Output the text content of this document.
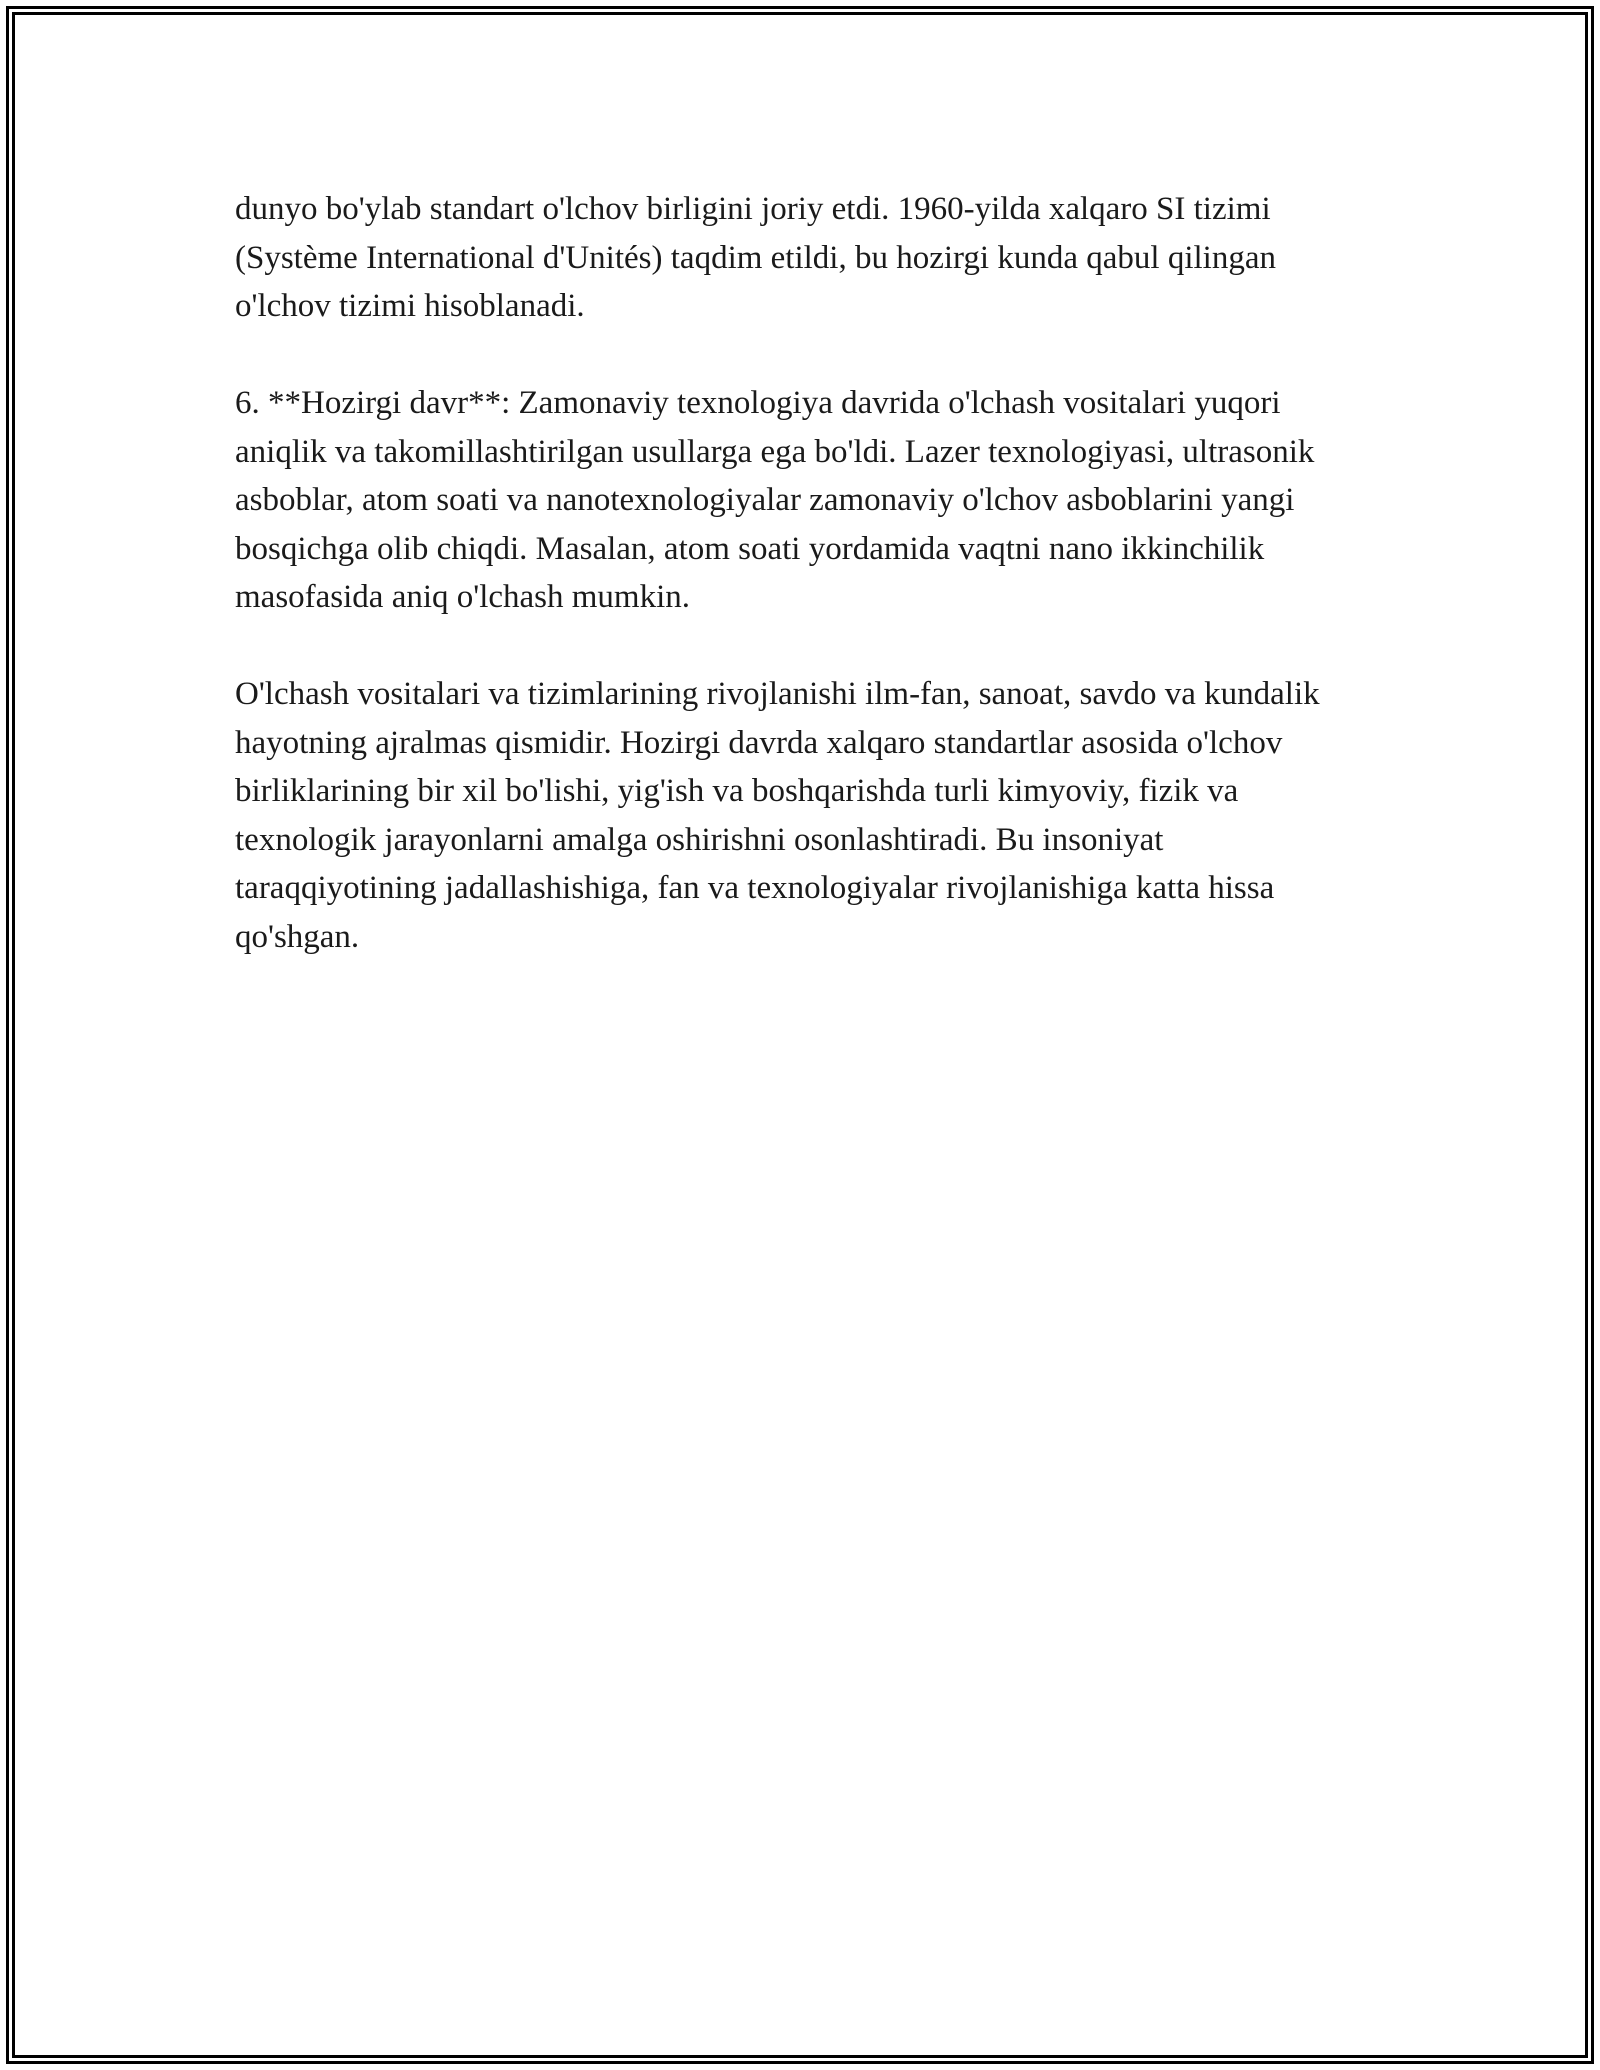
dunyo bo'ylab standart o'lchov birligini joriy etdi. 1960-yilda xalqaro SI tizimi (Système International d'Unités) taqdim etildi, bu hozirgi kunda qabul qilingan o'lchov tizimi hisoblanadi.

6. **Hozirgi davr**: Zamonaviy texnologiya davrida o'lchash vositalari yuqori aniqlik va takomillashtirilgan usullarga ega bo'ldi. Lazer texnologiyasi, ultrasonik asboblar, atom soati va nanotexnologiyalar zamonaviy o'lchov asboblarini yangi bosqichga olib chiqdi. Masalan, atom soati yordamida vaqtni nano ikkinchilik masofasida aniq o'lchash mumkin.

O'lchash vositalari va tizimlarining rivojlanishi ilm-fan, sanoat, savdo va kundalik hayotning ajralmas qismidir. Hozirgi davrda xalqaro standartlar asosida o'lchov birliklarining bir xil bo'lishi, yig'ish va boshqarishda turli kimyoviy, fizik va texnologik jarayonlarni amalga oshirishni osonlashtiradi. Bu insoniyat taraqqiyotining jadallashishiga, fan va texnologiyalar rivojlanishiga katta hissa qo'shgan.
